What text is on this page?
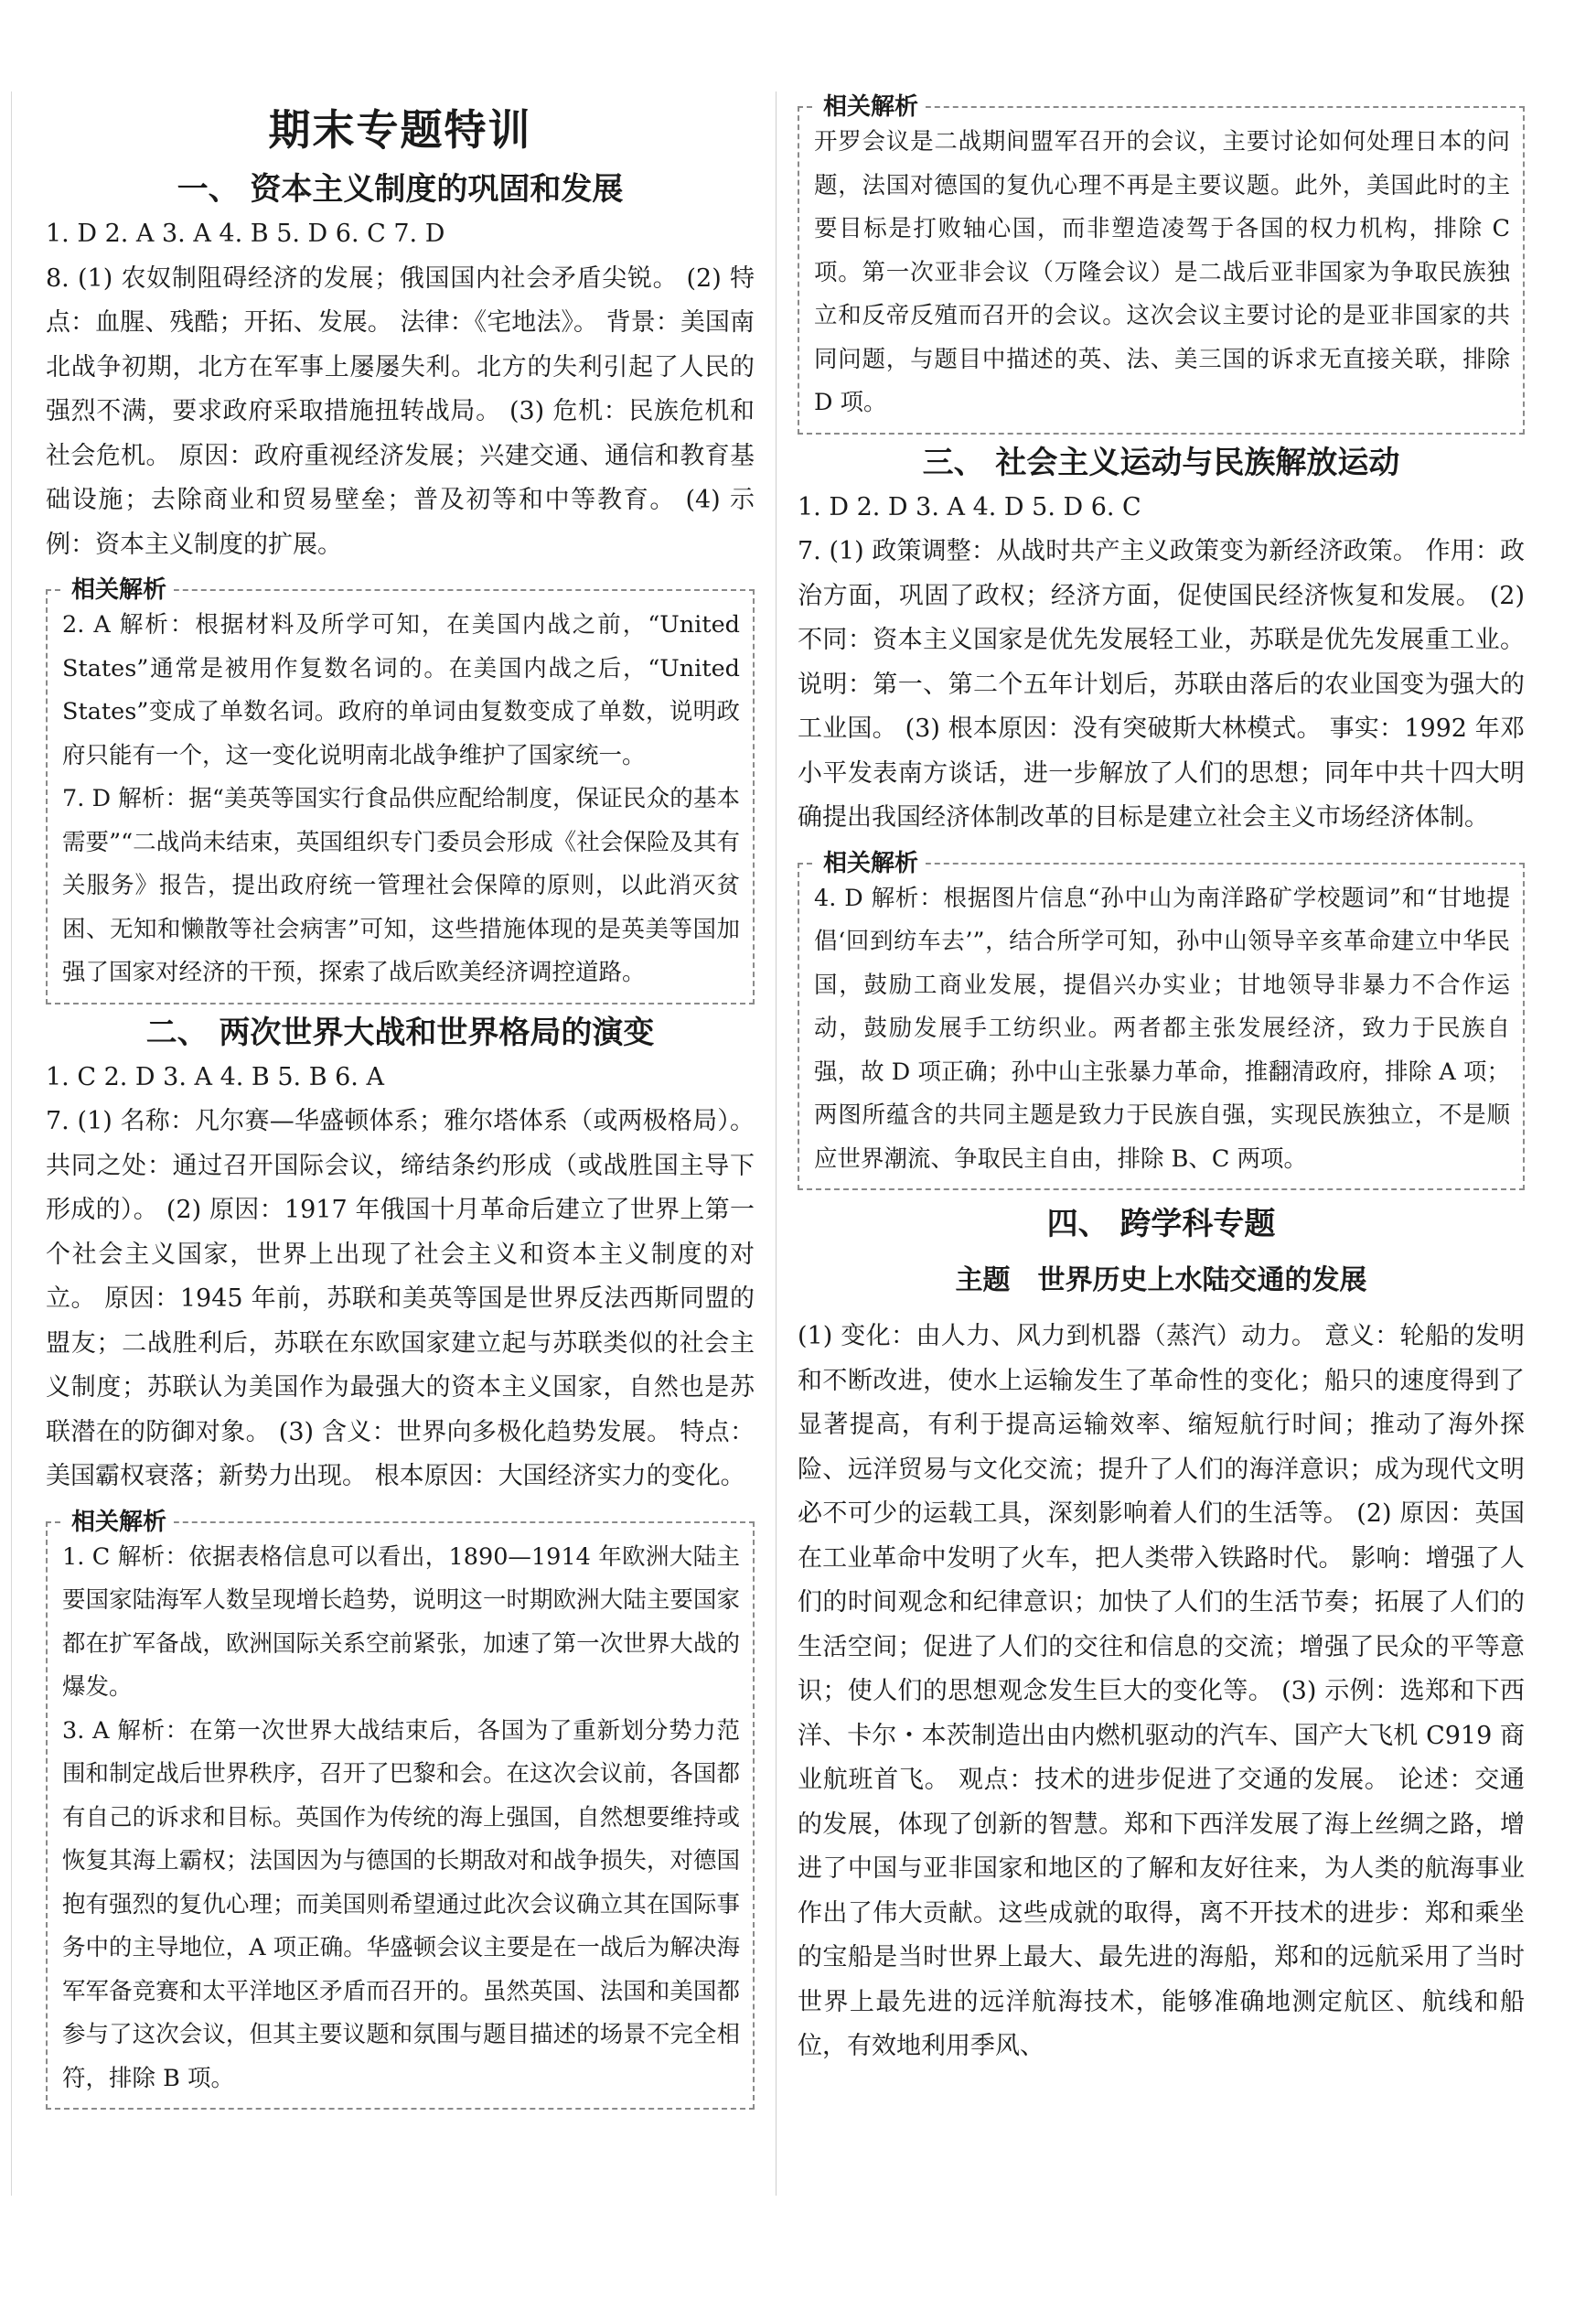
期末专题特训
一、 资本主义制度的巩固和发展

1. D 2. A 3. A 4. B 5. D 6. C 7. D

8. (1) 农奴制阻碍经济的发展；俄国国内社会矛盾尖锐。 (2) 特点：血腥、残酷；开拓、发展。 法律：《宅地法》。 背景：美国南北战争初期，北方在军事上屡屡失利。北方的失利引起了人民的强烈不满，要求政府采取措施扭转战局。 (3) 危机：民族危机和社会危机。 原因：政府重视经济发展；兴建交通、通信和教育基础设施；去除商业和贸易壁垒；普及初等和中等教育。 (4) 示例：资本主义制度的扩展。

相关解析

2. A 解析：根据材料及所学可知，在美国内战之前，“United States”通常是被用作复数名词的。在美国内战之后，“United States”变成了单数名词。政府的单词由复数变成了单数，说明政府只能有一个，这一变化说明南北战争维护了国家统一。

7. D 解析：据“美英等国实行食品供应配给制度，保证民众的基本需要”“二战尚未结束，英国组织专门委员会形成《社会保险及其有关服务》报告，提出政府统一管理社会保障的原则，以此消灭贫困、无知和懒散等社会病害”可知，这些措施体现的是英美等国加强了国家对经济的干预，探索了战后欧美经济调控道路。

二、 两次世界大战和世界格局的演变

1. C 2. D 3. A 4. B 5. B 6. A

7. (1) 名称：凡尔赛—华盛顿体系；雅尔塔体系（或两极格局）。 共同之处：通过召开国际会议，缔结条约形成（或战胜国主导下形成的）。 (2) 原因：1917 年俄国十月革命后建立了世界上第一个社会主义国家，世界上出现了社会主义和资本主义制度的对立。 原因：1945 年前，苏联和美英等国是世界反法西斯同盟的盟友；二战胜利后，苏联在东欧国家建立起与苏联类似的社会主义制度；苏联认为美国作为最强大的资本主义国家，自然也是苏联潜在的防御对象。 (3) 含义：世界向多极化趋势发展。 特点：美国霸权衰落；新势力出现。 根本原因：大国经济实力的变化。

相关解析

1. C 解析：依据表格信息可以看出，1890—1914 年欧洲大陆主要国家陆海军人数呈现增长趋势，说明这一时期欧洲大陆主要国家都在扩军备战，欧洲国际关系空前紧张，加速了第一次世界大战的爆发。

3. A 解析：在第一次世界大战结束后，各国为了重新划分势力范围和制定战后世界秩序，召开了巴黎和会。在这次会议前，各国都有自己的诉求和目标。英国作为传统的海上强国，自然想要维持或恢复其海上霸权；法国因为与德国的长期敌对和战争损失，对德国抱有强烈的复仇心理；而美国则希望通过此次会议确立其在国际事务中的主导地位，A 项正确。华盛顿会议主要是在一战后为解决海军军备竞赛和太平洋地区矛盾而召开的。虽然英国、法国和美国都参与了这次会议，但其主要议题和氛围与题目描述的场景不完全相符，排除 B 项。

相关解析

开罗会议是二战期间盟军召开的会议，主要讨论如何处理日本的问题，法国对德国的复仇心理不再是主要议题。此外，美国此时的主要目标是打败轴心国，而非塑造凌驾于各国的权力机构，排除 C 项。第一次亚非会议（万隆会议）是二战后亚非国家为争取民族独立和反帝反殖而召开的会议。这次会议主要讨论的是亚非国家的共同问题，与题目中描述的英、法、美三国的诉求无直接关联，排除 D 项。

三、 社会主义运动与民族解放运动

1. D 2. D 3. A 4. D 5. D 6. C

7. (1) 政策调整：从战时共产主义政策变为新经济政策。 作用：政治方面，巩固了政权；经济方面，促使国民经济恢复和发展。 (2) 不同：资本主义国家是优先发展轻工业，苏联是优先发展重工业。 说明：第一、第二个五年计划后，苏联由落后的农业国变为强大的工业国。 (3) 根本原因：没有突破斯大林模式。 事实：1992 年邓小平发表南方谈话，进一步解放了人们的思想；同年中共十四大明确提出我国经济体制改革的目标是建立社会主义市场经济体制。

相关解析

4. D 解析：根据图片信息“孙中山为南洋路矿学校题词”和“甘地提倡‘回到纺车去’”，结合所学可知，孙中山领导辛亥革命建立中华民国，鼓励工商业发展，提倡兴办实业；甘地领导非暴力不合作运动，鼓励发展手工纺织业。两者都主张发展经济，致力于民族自强，故 D 项正确；孙中山主张暴力革命，推翻清政府，排除 A 项；两图所蕴含的共同主题是致力于民族自强，实现民族独立，不是顺应世界潮流、争取民主自由，排除 B、C 两项。

四、 跨学科专题
主题　世界历史上水陆交通的发展

(1) 变化：由人力、风力到机器（蒸汽）动力。 意义：轮船的发明和不断改进，使水上运输发生了革命性的变化；船只的速度得到了显著提高，有利于提高运输效率、缩短航行时间；推动了海外探险、远洋贸易与文化交流；提升了人们的海洋意识；成为现代文明必不可少的运载工具，深刻影响着人们的生活等。 (2) 原因：英国在工业革命中发明了火车，把人类带入铁路时代。 影响：增强了人们的时间观念和纪律意识；加快了人们的生活节奏；拓展了人们的生活空间；促进了人们的交往和信息的交流；增强了民众的平等意识；使人们的思想观念发生巨大的变化等。 (3) 示例：选郑和下西洋、卡尔・本茨制造出由内燃机驱动的汽车、国产大飞机 C919 商业航班首飞。 观点：技术的进步促进了交通的发展。 论述：交通的发展，体现了创新的智慧。郑和下西洋发展了海上丝绸之路，增进了中国与亚非国家和地区的了解和友好往来，为人类的航海事业作出了伟大贡献。这些成就的取得，离不开技术的进步：郑和乘坐的宝船是当时世界上最大、最先进的海船，郑和的远航采用了当时世界上最先进的远洋航海技术，能够准确地测定航区、航线和船位，有效地利用季风、
